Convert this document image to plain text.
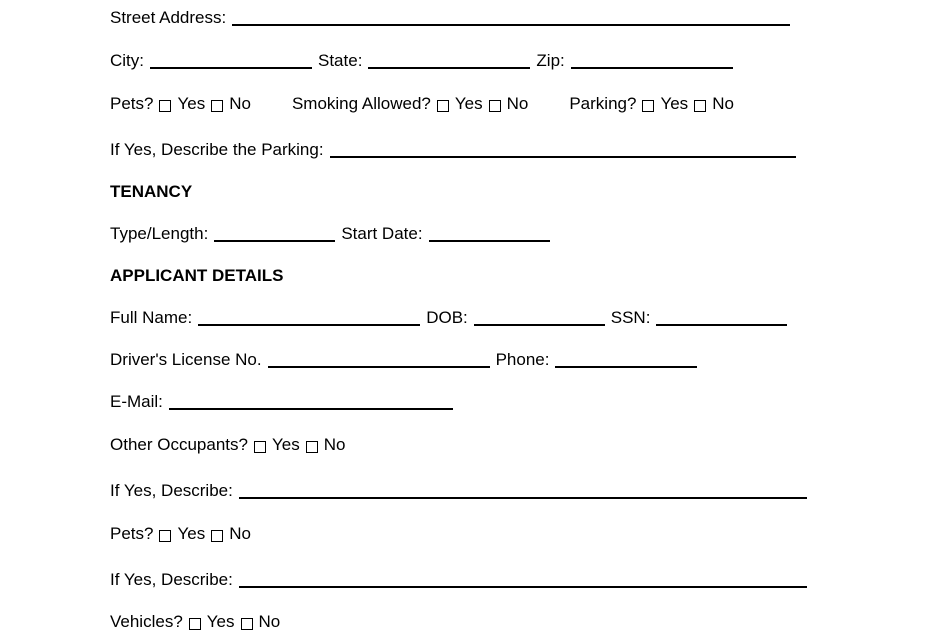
Street Address:
City:	State:	Zip:
Pets? Yes No Smoking Allowed? Yes No Parking? Yes No
If Yes, Describe the Parking:
TENANCY
Type/Length:	Start Date:
APPLICANT DETAILS
Full Name:	DOB:	SSN:
Driver's License No.	Phone:
E-Mail:
Other Occupants? Yes No
If Yes, Describe:
Pets? Yes No
If Yes, Describe:
Vehicles? Yes No
